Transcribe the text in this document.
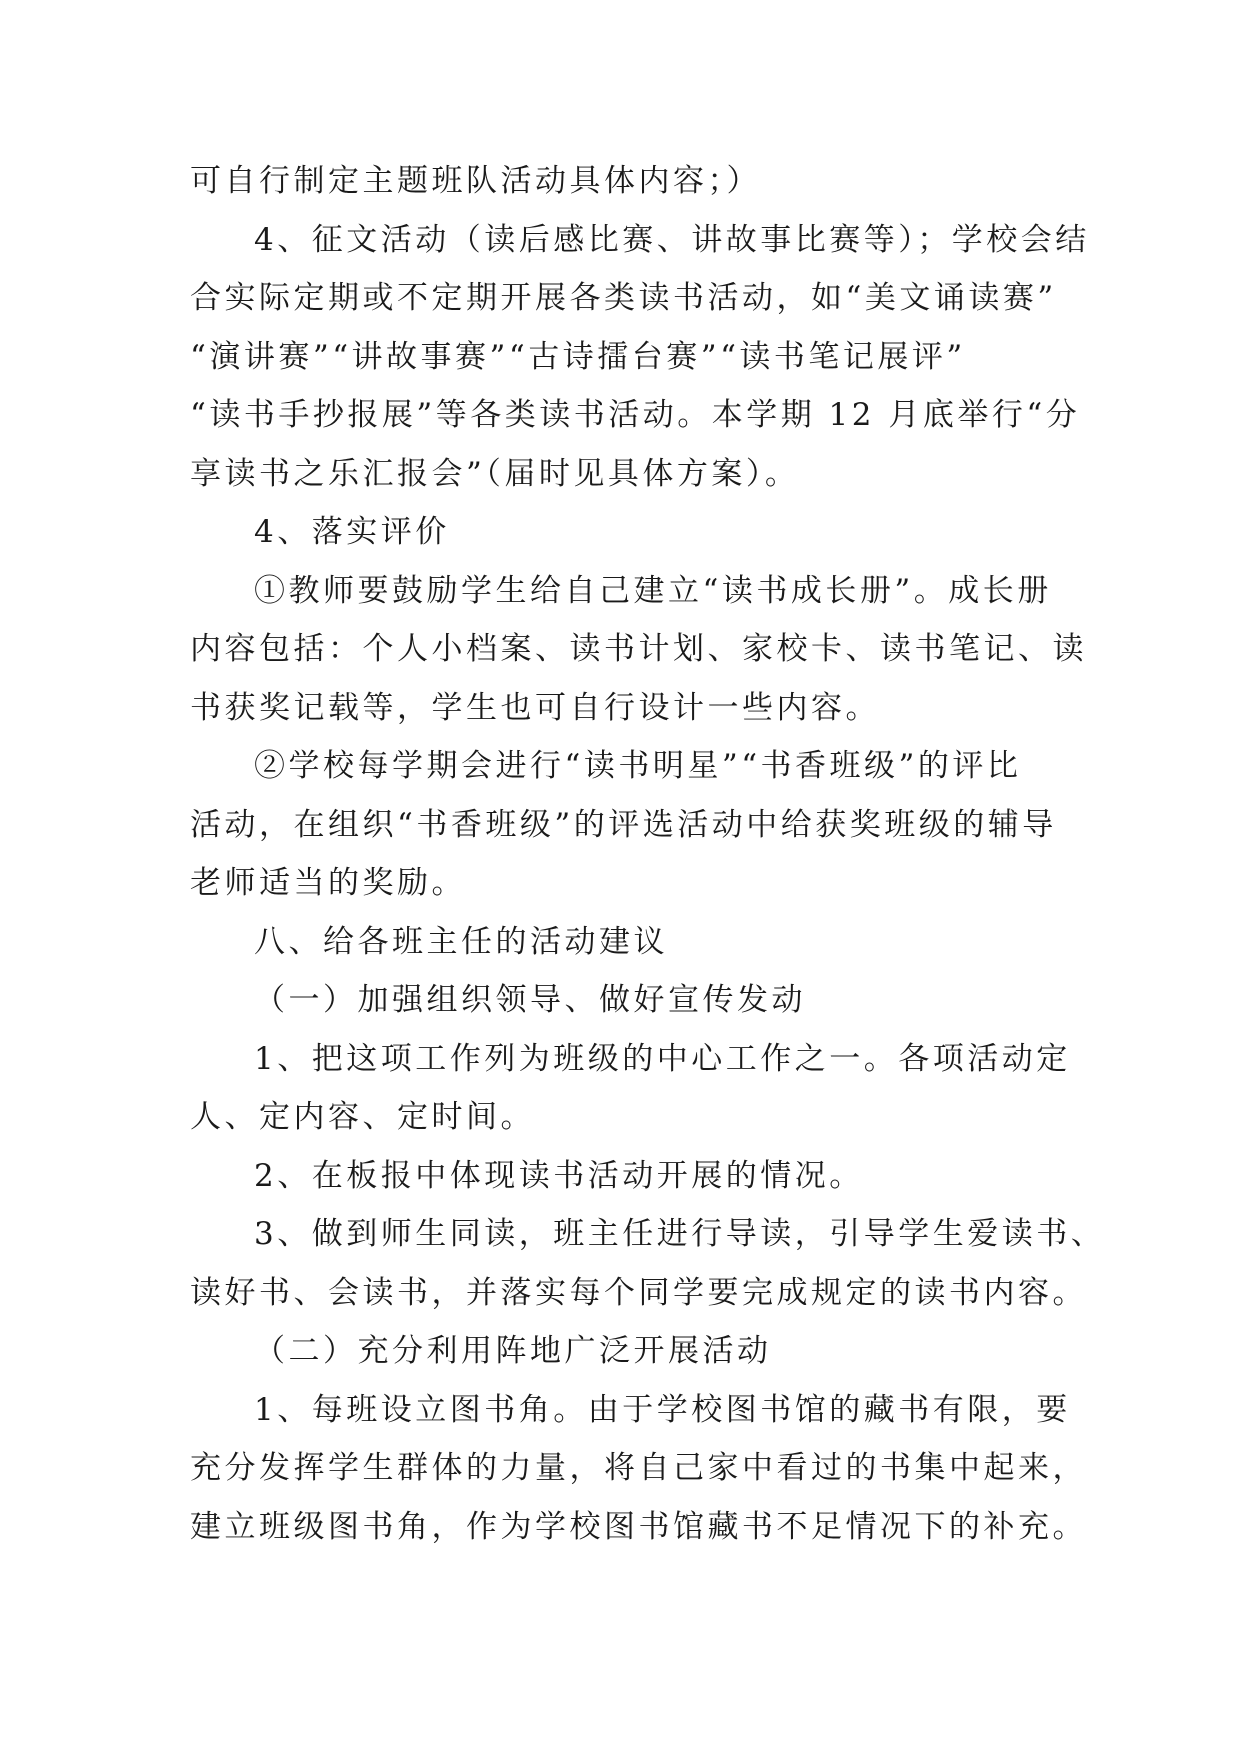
可自行制定主题班队活动具体内容；）
4、征文活动（读后感比赛、讲故事比赛等）；学校会结
合实际定期或不定期开展各类读书活动，如“美文诵读赛”
“演讲赛”“讲故事赛”“古诗擂台赛”“读书笔记展评”
“读书手抄报展”等各类读书活动。本学期 12 月底举行“分
享读书之乐汇报会”（届时见具体方案）。
4、落实评价
①教师要鼓励学生给自己建立“读书成长册”。成长册
内容包括：个人小档案、读书计划、家校卡、读书笔记、读
书获奖记载等，学生也可自行设计一些内容。
②学校每学期会进行“读书明星”“书香班级”的评比
活动，在组织“书香班级”的评选活动中给获奖班级的辅导
老师适当的奖励。
八、给各班主任的活动建议
（一）加强组织领导、做好宣传发动
1、把这项工作列为班级的中心工作之一。各项活动定
人、定内容、定时间。
2、在板报中体现读书活动开展的情况。
3、做到师生同读，班主任进行导读，引导学生爱读书、
读好书、会读书，并落实每个同学要完成规定的读书内容。
（二）充分利用阵地广泛开展活动
1、每班设立图书角。由于学校图书馆的藏书有限，要
充分发挥学生群体的力量，将自己家中看过的书集中起来，
建立班级图书角，作为学校图书馆藏书不足情况下的补充。
